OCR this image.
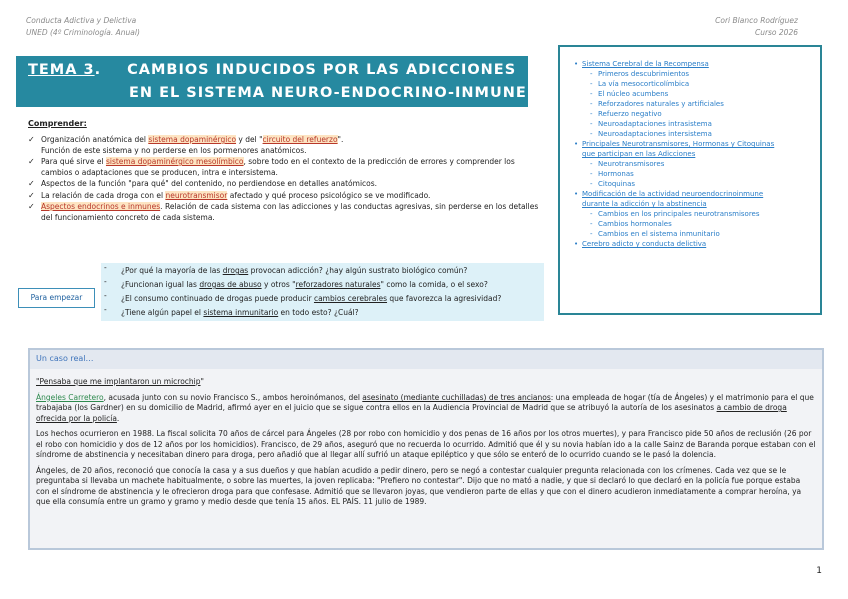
Conducta Adictiva y Delictiva
UNED (4º Criminología. Anual)
Cori Blanco Rodríguez
Curso 2026
TEMA 3. CAMBIOS INDUCIDOS POR LAS ADICCIONES
EN EL SISTEMA NEURO-ENDOCRINO-INMUNE
• Sistema Cerebral de la Recompensa
- Primeros descubrimientos
- La vía mesocorticolímbica
- El núcleo acumbens
- Reforzadores naturales y artificiales
- Refuerzo negativo
- Neuroadaptaciones intrasistema
- Neuroadaptaciones intersistema
• Principales Neurotransmisores, Hormonas y Citoquinas
que participan en las Adicciones
- Neurotransmisores
- Hormonas
- Citoquinas
• Modificación de la actividad neuroendocrinoinmune
durante la adicción y la abstinencia
- Cambios en los principales neurotransmisores
- Cambios hormonales
- Cambios en el sistema inmunitario
• Cerebro adicto y conducta delictiva
Comprender:
✓ Organización anatómica del sistema dopaminérgico y del "circuito del refuerzo".
Función de este sistema y no perderse en los pormenores anatómicos.
✓ Para qué sirve el sistema dopaminérgico mesolímbico, sobre todo en el contexto de la predicción de errores y comprender los cambios o adaptaciones que se producen, intra e intersistema.
✓ Aspectos de la función "para qué" del contenido, no perdiendose en detalles anatómicos.
✓ La relación de cada droga con el neurotransmisor afectado y qué proceso psicológico se ve modificado.
✓ Aspectos endocrinos e inmunes. Relación de cada sistema con las adicciones y las conductas agresivas, sin perderse en los detalles del funcionamiento concreto de cada sistema.
- ¿Por qué la mayoría de las drogas provocan adicción? ¿hay algún sustrato biológico común?
- ¿Funcionan igual las drogas de abuso y otros "reforzadores naturales" como la comida, o el sexo?
- ¿El consumo continuado de drogas puede producir cambios cerebrales que favorezca la agresividad?
- ¿Tiene algún papel el sistema inmunitario en todo esto? ¿Cuál?
Para empezar
Un caso real…

"Pensaba que me implantaron un microchip"

Ángeles Carretero, acusada junto con su novio Francisco S., ambos heroinómanos, del asesinato (mediante cuchilladas) de tres ancianos: una empleada de hogar (tía de Ángeles) y el matrimonio para el que trabajaba (los Gardner) en su domicilio de Madrid, afirmó ayer en el juicio que se sigue contra ellos en la Audiencia Provincial de Madrid que se atribuyó la autoría de los asesinatos a cambio de droga ofrecida por la policía.

Los hechos ocurrieron en 1988. La fiscal solicita 70 años de cárcel para Ángeles (28 por robo con homicidio y dos penas de 16 años por los otros muertes), y para Francisco pide 50 años de reclusión (26 por el robo con homicidio y dos de 12 años por los homicidios). Francisco, de 29 años, aseguró que no recuerda lo ocurrido. Admitió que él y su novia habían ido a la calle Sainz de Baranda porque estaban con el síndrome de abstinencia y necesitaban dinero para droga, pero añadió que al llegar allí sufrió un ataque epiléptico y que sólo se enteró de lo ocurrido cuando se le pasó la dolencia.

Ángeles, de 20 años, reconoció que conocía la casa y a sus dueños y que habían acudido a pedir dinero, pero se negó a contestar cualquier pregunta relacionada con los crímenes. Cada vez que se le preguntaba si llevaba un machete habitualmente, o sobre las muertes, la joven replicaba: "Prefiero no contestar". Dijo que no mató a nadie, y que si declaró lo que declaró en la policía fue porque estaba con el síndrome de abstinencia y le ofrecieron droga para que confesase. Admitió que se llevaron joyas, que vendieron parte de ellas y que con el dinero acudieron inmediatamente a comprar heroína, ya que ella consumía entre un gramo y gramo y medio desde que tenía 15 años. EL PAÍS. 11 julio de 1989.

1
